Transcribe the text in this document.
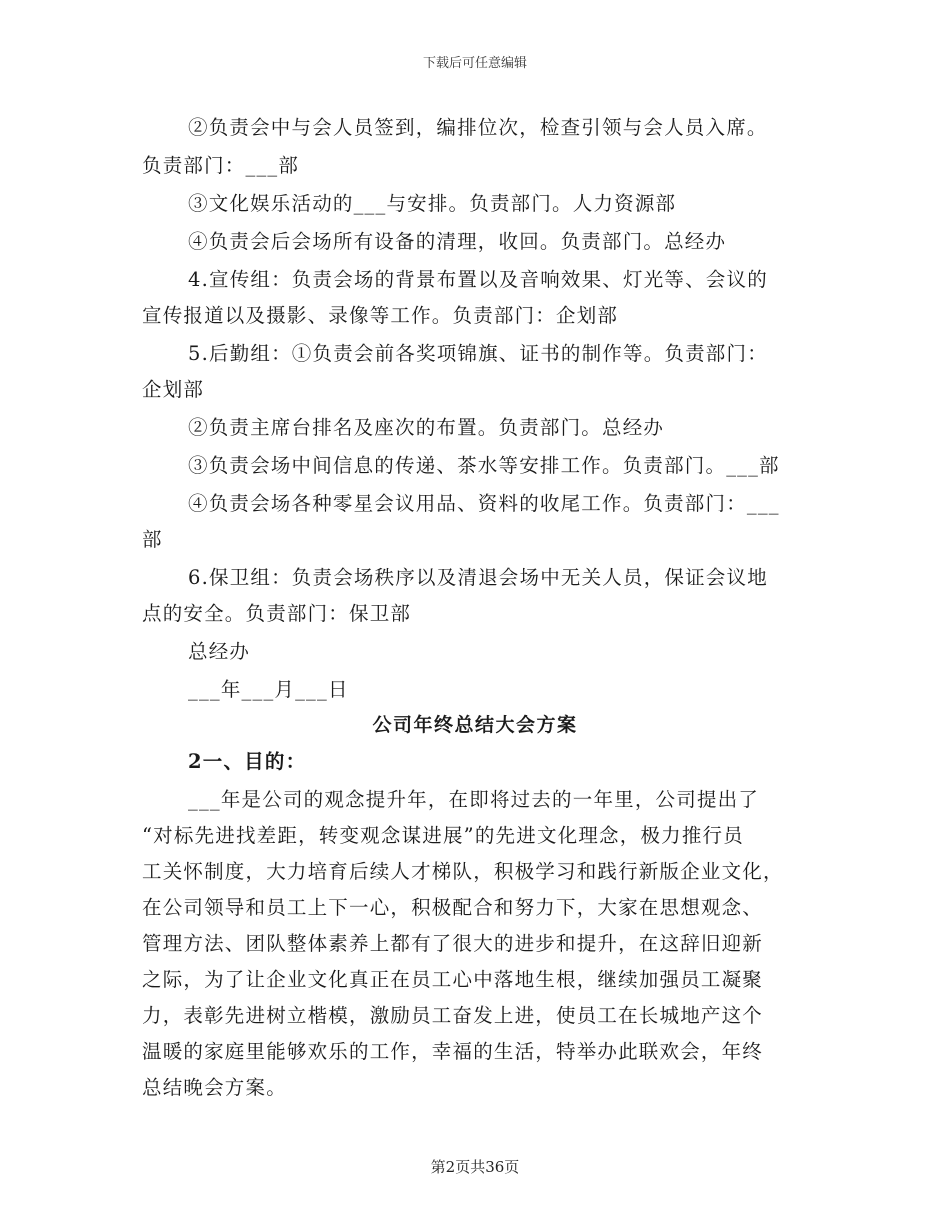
下载后可任意编辑
②负责会中与会人员签到，编排位次，检查引领与会人员入席。
负责部门：___部
③文化娱乐活动的___与安排。负责部门。人力资源部
④负责会后会场所有设备的清理，收回。负责部门。总经办
4.宣传组：负责会场的背景布置以及音响效果、灯光等、会议的
宣传报道以及摄影、录像等工作。负责部门：企划部
5.后勤组：①负责会前各奖项锦旗、证书的制作等。负责部门：
企划部
②负责主席台排名及座次的布置。负责部门。总经办
③负责会场中间信息的传递、茶水等安排工作。负责部门。___部
④负责会场各种零星会议用品、资料的收尾工作。负责部门：___
部
6.保卫组：负责会场秩序以及清退会场中无关人员，保证会议地
点的安全。负责部门：保卫部
总经办
___年___月___日
公司年终总结大会方案
2一、目的：
___年是公司的观念提升年，在即将过去的一年里，公司提出了
“对标先进找差距，转变观念谋进展”的先进文化理念，极力推行员
工关怀制度，大力培育后续人才梯队，积极学习和践行新版企业文化，
在公司领导和员工上下一心，积极配合和努力下，大家在思想观念、
管理方法、团队整体素养上都有了很大的进步和提升，在这辞旧迎新
之际，为了让企业文化真正在员工心中落地生根，继续加强员工凝聚
力，表彰先进树立楷模，激励员工奋发上进，使员工在长城地产这个
温暖的家庭里能够欢乐的工作，幸福的生活，特举办此联欢会，年终
总结晚会方案。
第2页共36页
